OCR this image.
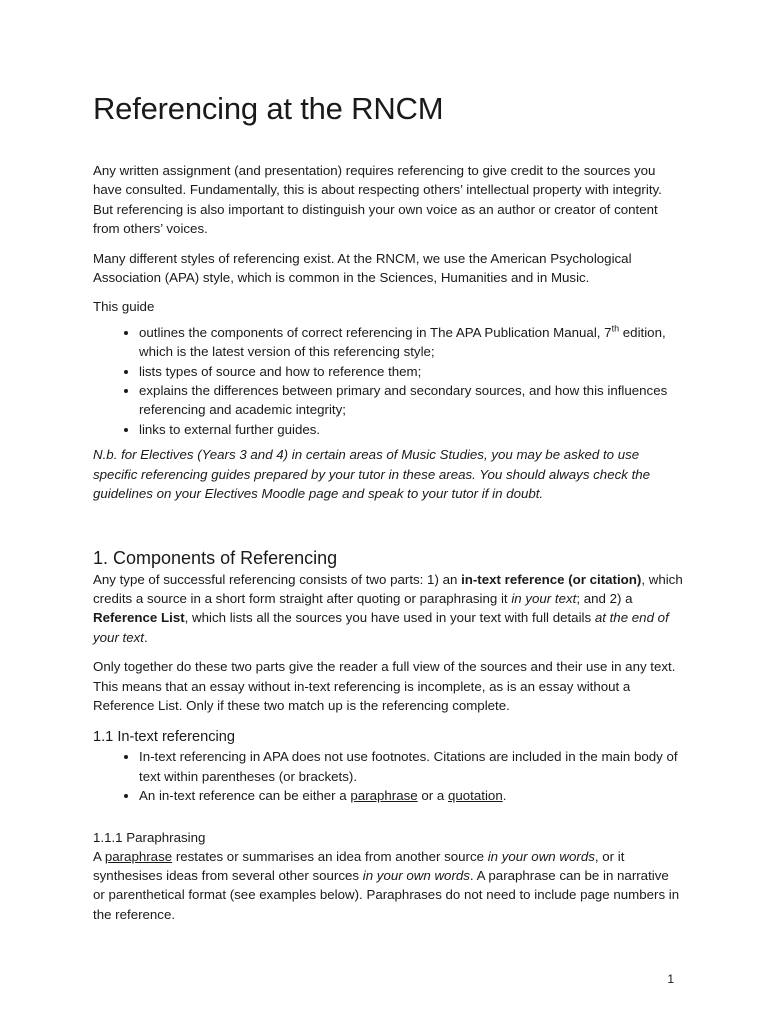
Referencing at the RNCM

Any written assignment (and presentation) requires referencing to give credit to the sources you have consulted. Fundamentally, this is about respecting others’ intellectual property with integrity. But referencing is also important to distinguish your own voice as an author or creator of content from others’ voices.

Many different styles of referencing exist. At the RNCM, we use the American Psychological Association (APA) style, which is common in the Sciences, Humanities and in Music.

This guide

• outlines the components of correct referencing in The APA Publication Manual, 7th edition, which is the latest version of this referencing style;
• lists types of source and how to reference them;
• explains the differences between primary and secondary sources, and how this influences referencing and academic integrity;
• links to external further guides.

N.b. for Electives (Years 3 and 4) in certain areas of Music Studies, you may be asked to use specific referencing guides prepared by your tutor in these areas. You should always check the guidelines on your Electives Moodle page and speak to your tutor if in doubt.

1. Components of Referencing

Any type of successful referencing consists of two parts: 1) an in-text reference (or citation), which credits a source in a short form straight after quoting or paraphrasing it in your text; and 2) a Reference List, which lists all the sources you have used in your text with full details at the end of your text.

Only together do these two parts give the reader a full view of the sources and their use in any text. This means that an essay without in-text referencing is incomplete, as is an essay without a Reference List. Only if these two match up is the referencing complete.

1.1 In-text referencing
• In-text referencing in APA does not use footnotes. Citations are included in the main body of text within parentheses (or brackets).
• An in-text reference can be either a paraphrase or a quotation.
1.1.1 Paraphrasing

A paraphrase restates or summarises an idea from another source in your own words, or it synthesises ideas from several other sources in your own words. A paraphrase can be in narrative or parenthetical format (see examples below). Paraphrases do not need to include page numbers in the reference.

1
